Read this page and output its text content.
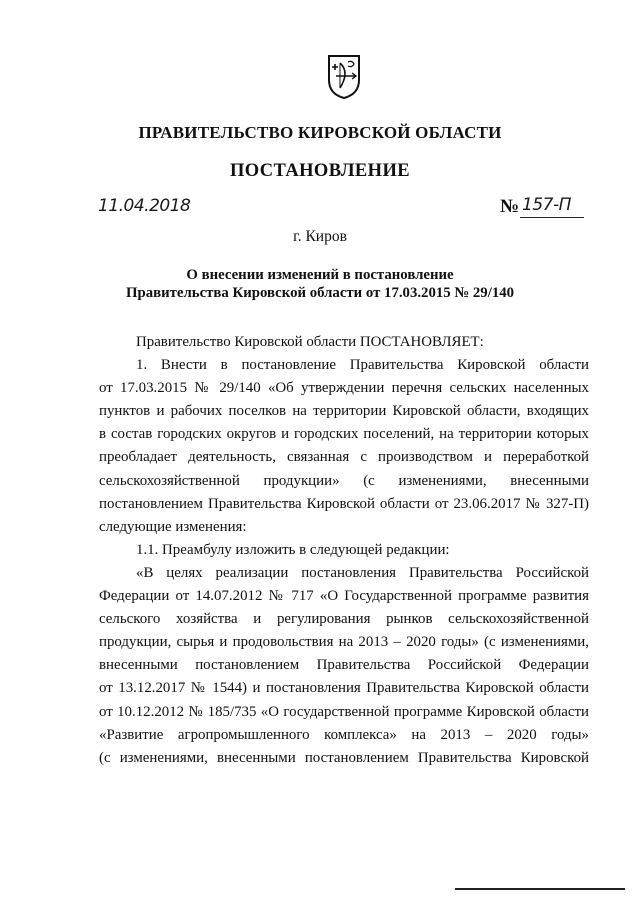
ПРАВИТЕЛЬСТВО КИРОВСКОЙ ОБЛАСТИ
ПОСТАНОВЛЕНИЕ
11.04.2018	№ 157-П
г. Киров
О внесении изменений в постановление
Правительства Кировской области от 17.03.2015 № 29/140
Правительство Кировской области ПОСТАНОВЛЯЕТ:
1. Внести в постановление Правительства Кировской области
от 17.03.2015 № 29/140 «Об утверждении перечня сельских населенных
пунктов и рабочих поселков на территории Кировской области, входящих
в состав городских округов и городских поселений, на территории которых
преобладает деятельность, связанная с производством и переработкой
сельскохозяйственной продукции» (с изменениями, внесенными
постановлением Правительства Кировской области от 23.06.2017 № 327-П)
следующие изменения:
1.1. Преамбулу изложить в следующей редакции:
«В целях реализации постановления Правительства Российской
Федерации от 14.07.2012 № 717 «О Государственной программе развития
сельского хозяйства и регулирования рынков сельскохозяйственной
продукции, сырья и продовольствия на 2013 – 2020 годы» (с изменениями,
внесенными постановлением Правительства Российской Федерации
от 13.12.2017 № 1544) и постановления Правительства Кировской области
от 10.12.2012 № 185/735 «О государственной программе Кировской области
«Развитие агропромышленного комплекса» на 2013 – 2020 годы»
(с изменениями, внесенными постановлением Правительства Кировской
